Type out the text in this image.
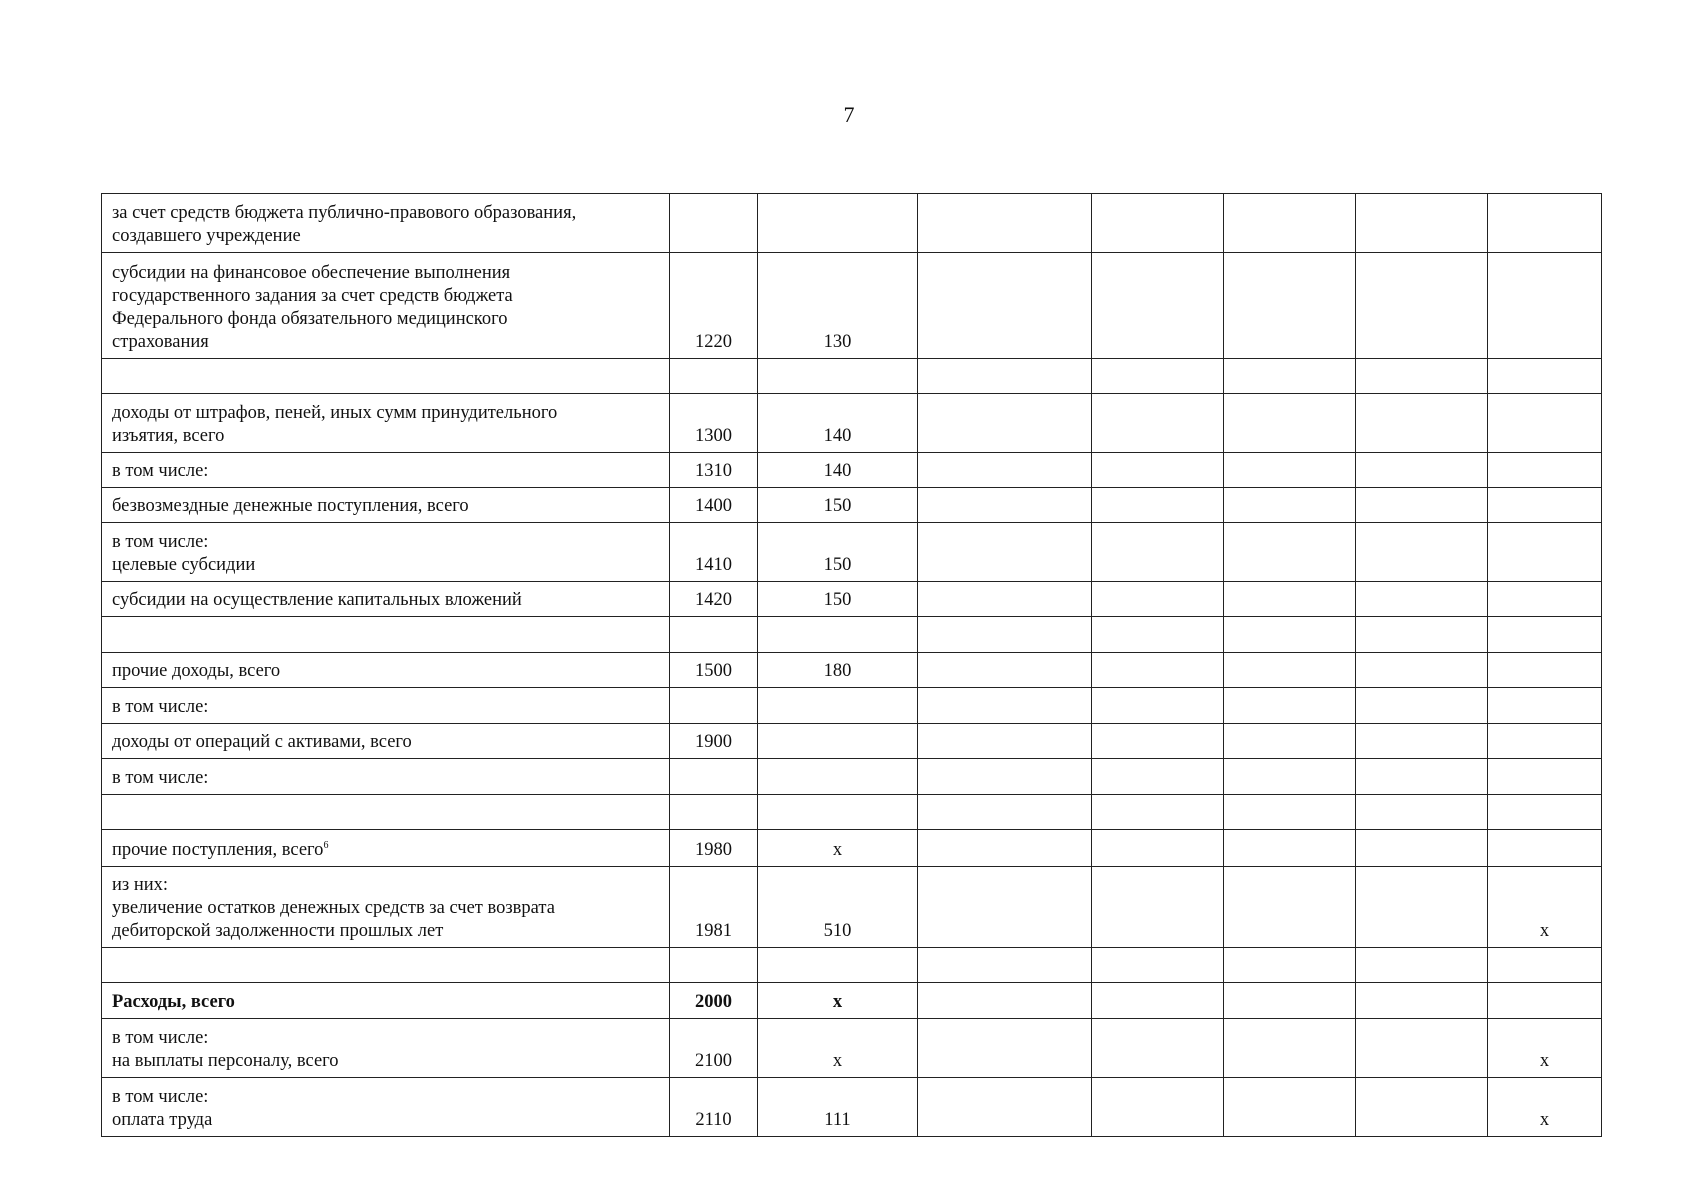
7
за счет средств бюджета публично-правового образования,
создавшего учреждение							

субсидии на финансовое обеспечение выполнения
государственного задания за счет средств бюджета
Федерального фонда обязательного медицинского
страхования	1220	130					

доходы от штрафов, пеней, иных сумм принудительного
изъятия, всего	1300	140					

в том числе:	1310	140					

безвозмездные денежные поступления, всего	1400	150					

в том числе:
целевые субсидии	1410	150					

субсидии на осуществление капитальных вложений	1420	150					

прочие доходы, всего	1500	180					

в том числе:							

доходы от операций с активами, всего	1900						

в том числе:							

прочие поступления, всего$^6$	1980	х					

из них:
увеличение остатков денежных средств за счет возврата
дебиторской задолженности прошлых лет	1981	510					х

Расходы, всего	2000	х					

в том числе:
на выплаты персоналу, всего	2100	х					х

в том числе:
оплата труда	2110	111					х
